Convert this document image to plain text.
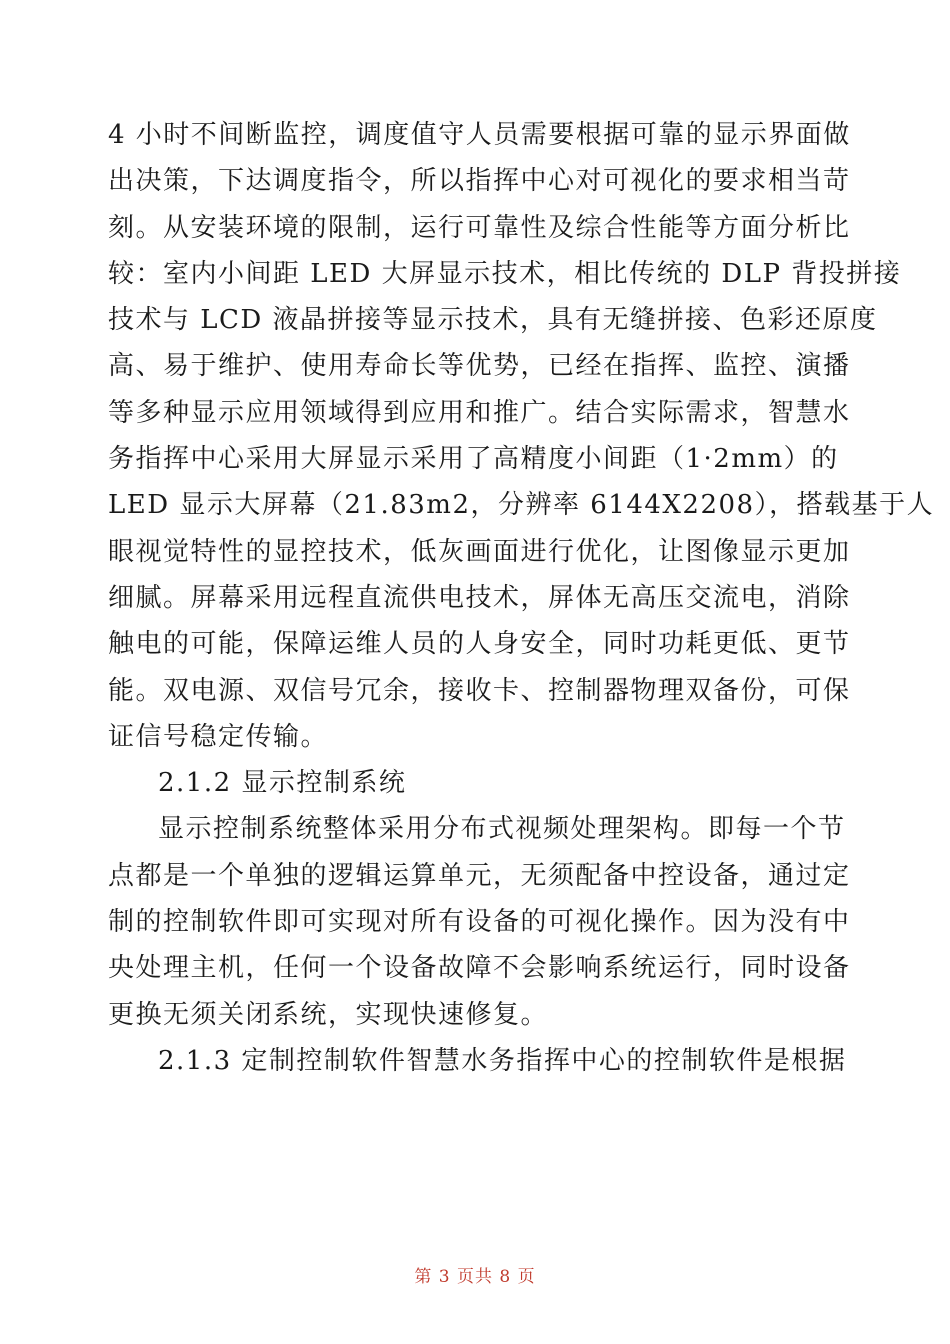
4 小时不间断监控，调度值守人员需要根据可靠的显示界面做
出决策，下达调度指令，所以指挥中心对可视化的要求相当苛
刻。从安装环境的限制，运行可靠性及综合性能等方面分析比
较：室内小间距 LED 大屏显示技术，相比传统的 DLP 背投拼接
技术与 LCD 液晶拼接等显示技术，具有无缝拼接、色彩还原度
高、易于维护、使用寿命长等优势，已经在指挥、监控、演播
等多种显示应用领域得到应用和推广。结合实际需求，智慧水
务指挥中心采用大屏显示采用了高精度小间距（1·2mm）的
LED 显示大屏幕（21.83m2，分辨率 6144X2208），搭载基于人
眼视觉特性的显控技术，低灰画面进行优化，让图像显示更加
细腻。屏幕采用远程直流供电技术，屏体无高压交流电，消除
触电的可能，保障运维人员的人身安全，同时功耗更低、更节
能。双电源、双信号冗余，接收卡、控制器物理双备份，可保
证信号稳定传输。
2.1.2 显示控制系统
显示控制系统整体采用分布式视频处理架构。即每一个节
点都是一个单独的逻辑运算单元，无须配备中控设备，通过定
制的控制软件即可实现对所有设备的可视化操作。因为没有中
央处理主机，任何一个设备故障不会影响系统运行，同时设备
更换无须关闭系统，实现快速修复。
2.1.3 定制控制软件智慧水务指挥中心的控制软件是根据
第 3 页共 8 页
